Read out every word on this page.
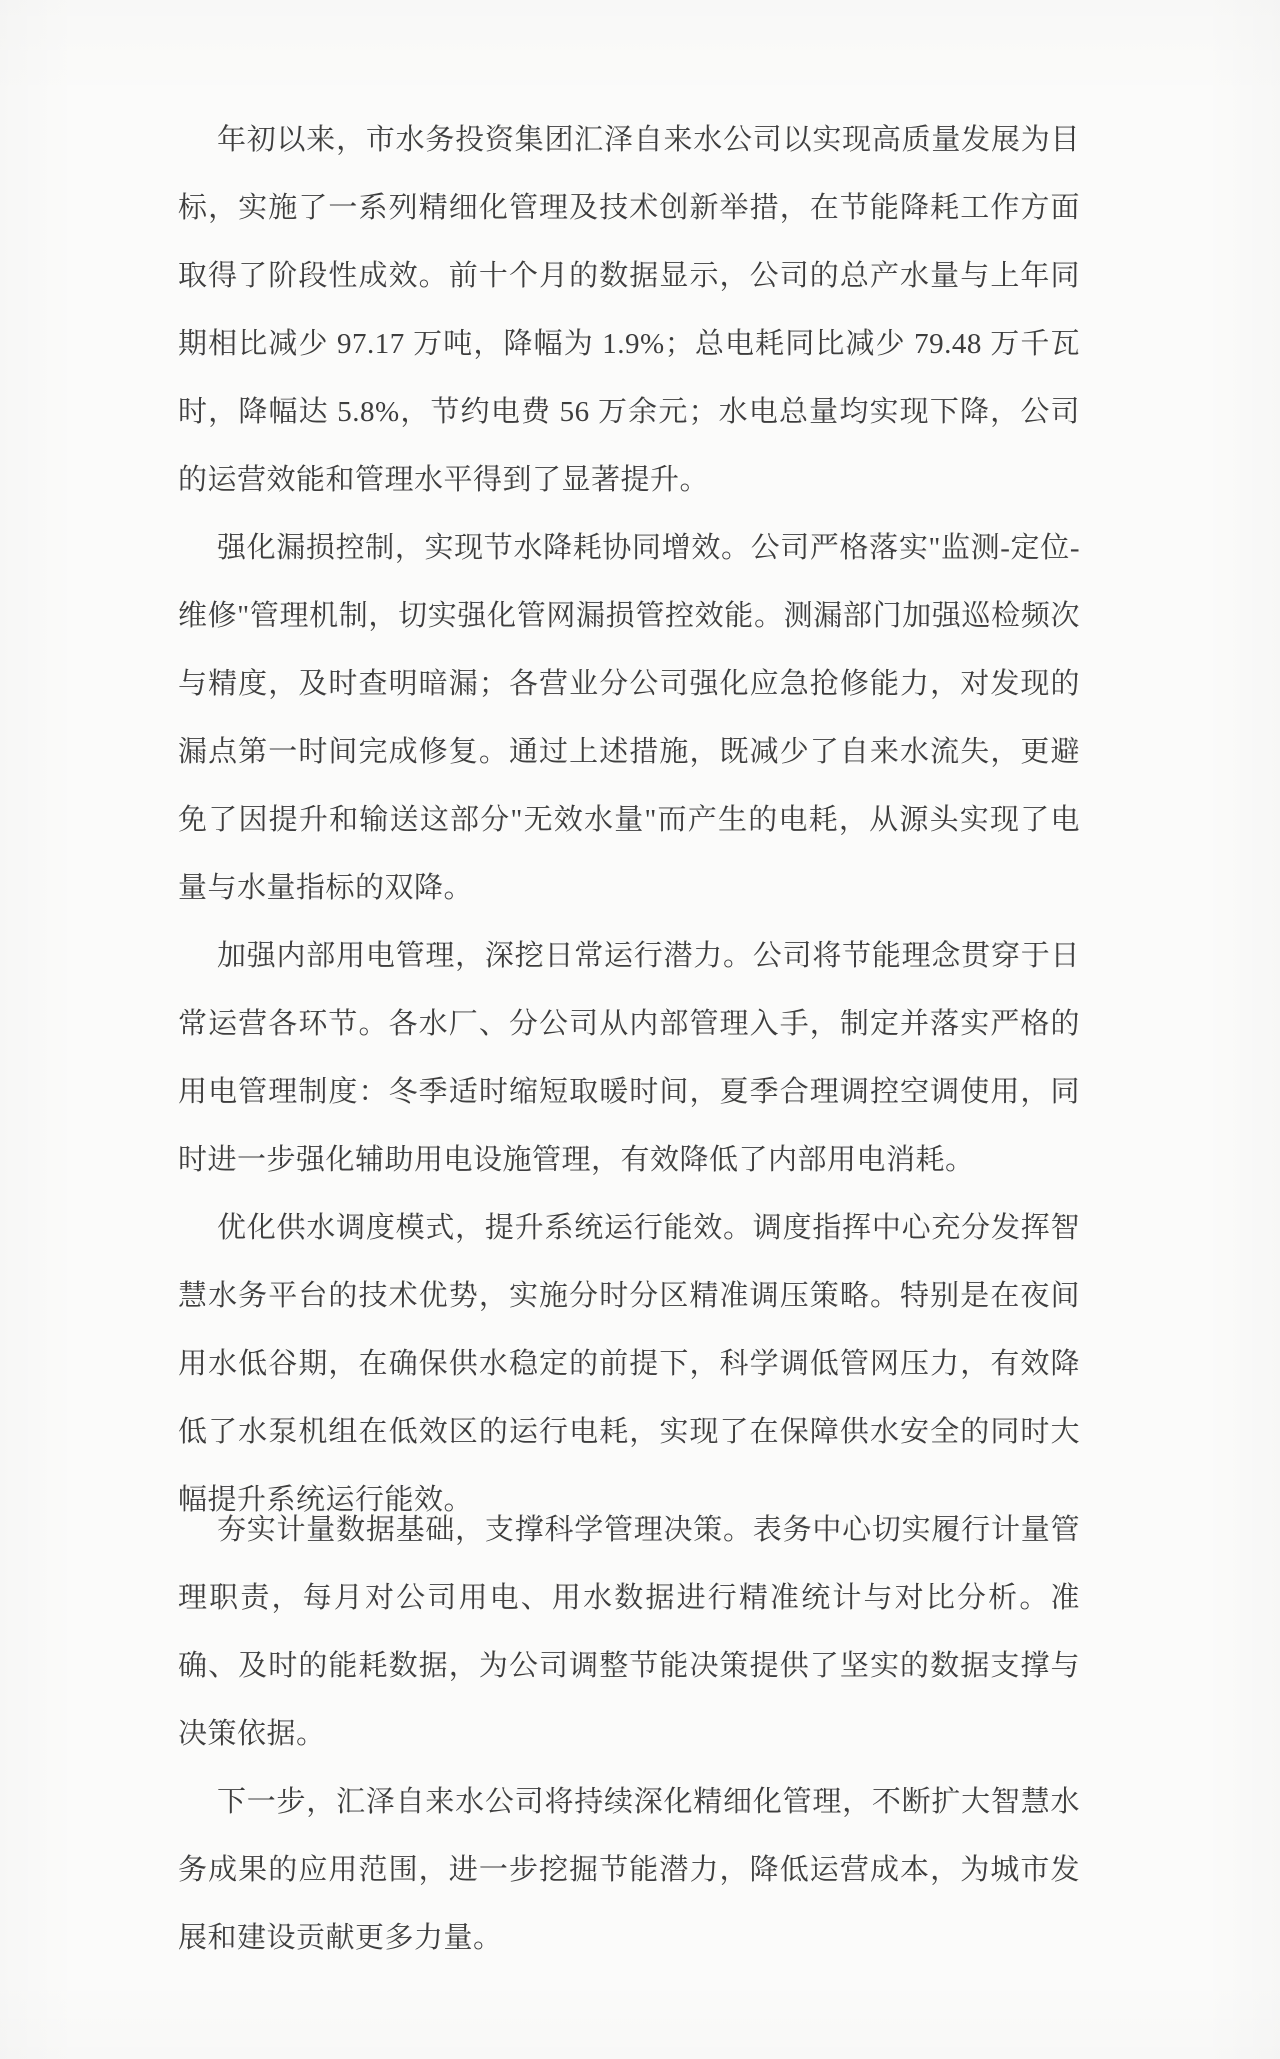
年初以来，市水务投资集团汇泽自来水公司以实现高质量发展为目标，实施了一系列精细化管理及技术创新举措，在节能降耗工作方面取得了阶段性成效。前十个月的数据显示，公司的总产水量与上年同期相比减少 97.17 万吨，降幅为 1.9%；总电耗同比减少 79.48 万千瓦时，降幅达 5.8%，节约电费 56 万余元；水电总量均实现下降，公司的运营效能和管理水平得到了显著提升。

强化漏损控制，实现节水降耗协同增效。公司严格落实"监测-定位-维修"管理机制，切实强化管网漏损管控效能。测漏部门加强巡检频次与精度，及时查明暗漏；各营业分公司强化应急抢修能力，对发现的漏点第一时间完成修复。通过上述措施，既减少了自来水流失，更避免了因提升和输送这部分"无效水量"而产生的电耗，从源头实现了电量与水量指标的双降。

加强内部用电管理，深挖日常运行潜力。公司将节能理念贯穿于日常运营各环节。各水厂、分公司从内部管理入手，制定并落实严格的用电管理制度：冬季适时缩短取暖时间，夏季合理调控空调使用，同时进一步强化辅助用电设施管理，有效降低了内部用电消耗。

优化供水调度模式，提升系统运行能效。调度指挥中心充分发挥智慧水务平台的技术优势，实施分时分区精准调压策略。特别是在夜间用水低谷期，在确保供水稳定的前提下，科学调低管网压力，有效降低了水泵机组在低效区的运行电耗，实现了在保障供水安全的同时大幅提升系统运行能效。

夯实计量数据基础，支撑科学管理决策。表务中心切实履行计量管理职责，每月对公司用电、用水数据进行精准统计与对比分析。准确、及时的能耗数据，为公司调整节能决策提供了坚实的数据支撑与决策依据。

下一步，汇泽自来水公司将持续深化精细化管理，不断扩大智慧水务成果的应用范围，进一步挖掘节能潜力，降低运营成本，为城市发展和建设贡献更多力量。
